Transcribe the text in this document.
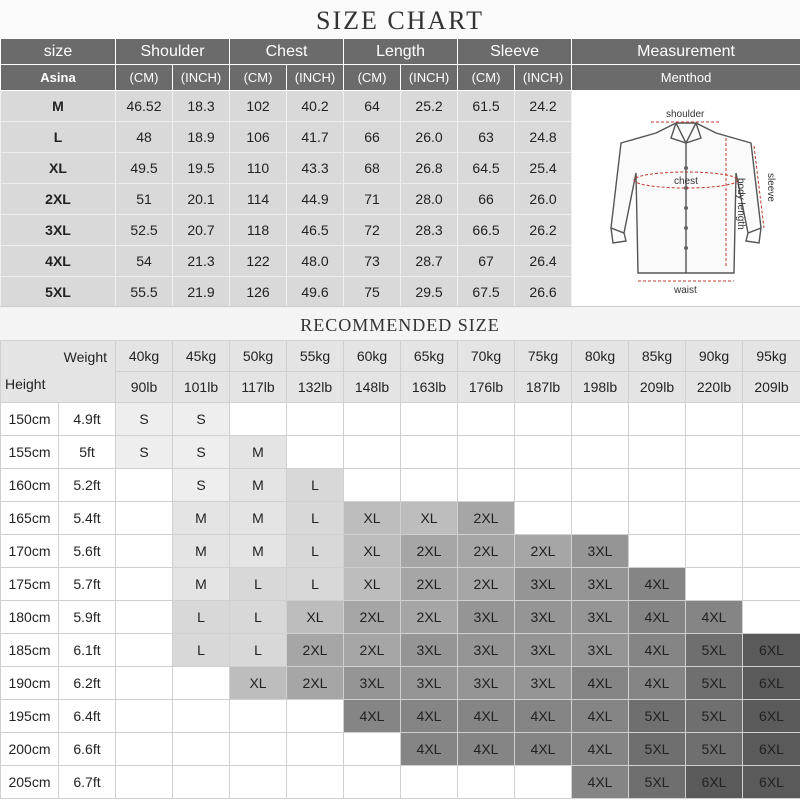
SIZE CHART
size	Shoulder		Chest		Length		Sleeve		Measurement
Asina	(CM)	(INCH)	(CM)	(INCH)	(CM)	(INCH)	(CM)	(INCH)	Menthod
M	46.52	18.3	102	40.2	64	25.2	61.5	24.2	shoulder
chest body length sleeve
waist

L	48	18.9	106	41.7	66	26.0	63	24.8	
XL	49.5	19.5	110	43.3	68	26.8	64.5	25.4	
2XL	51	20.1	114	44.9	71	28.0	66	26.0	
3XL	52.5	20.7	118	46.5	72	28.3	66.5	26.2	
4XL	54	21.3	122	48.0	73	28.7	67	26.4	
5XL	55.5	21.9	126	49.6	75	29.5	67.5	26.6	
RECOMMENDED SIZE
Weight
Height		40kg	45kg	50kg	55kg	60kg	65kg	70kg	75kg	80kg	85kg	90kg	95kg
		90lb	101lb	117lb	132lb	148lb	163lb	176lb	187lb	198lb	209lb	220lb	209lb
150cm	4.9ft	S	S										
155cm	5ft	S	S	M									
160cm	5.2ft		S	M	L								
165cm	5.4ft		M	M	L	XL	XL	2XL					
170cm	5.6ft		M	M	L	XL	2XL	2XL	2XL	3XL			
175cm	5.7ft		M	L	L	XL	2XL	2XL	3XL	3XL	4XL		
180cm	5.9ft		L	L	XL	2XL	2XL	3XL	3XL	3XL	4XL	4XL	
185cm	6.1ft		L	L	2XL	2XL	3XL	3XL	3XL	3XL	4XL	5XL	6XL
190cm	6.2ft			XL	2XL	3XL	3XL	3XL	3XL	4XL	4XL	5XL	6XL
195cm	6.4ft					4XL	4XL	4XL	4XL	4XL	5XL	5XL	6XL
200cm	6.6ft						4XL	4XL	4XL	4XL	5XL	5XL	6XL
205cm	6.7ft									4XL	5XL	6XL	6XL
